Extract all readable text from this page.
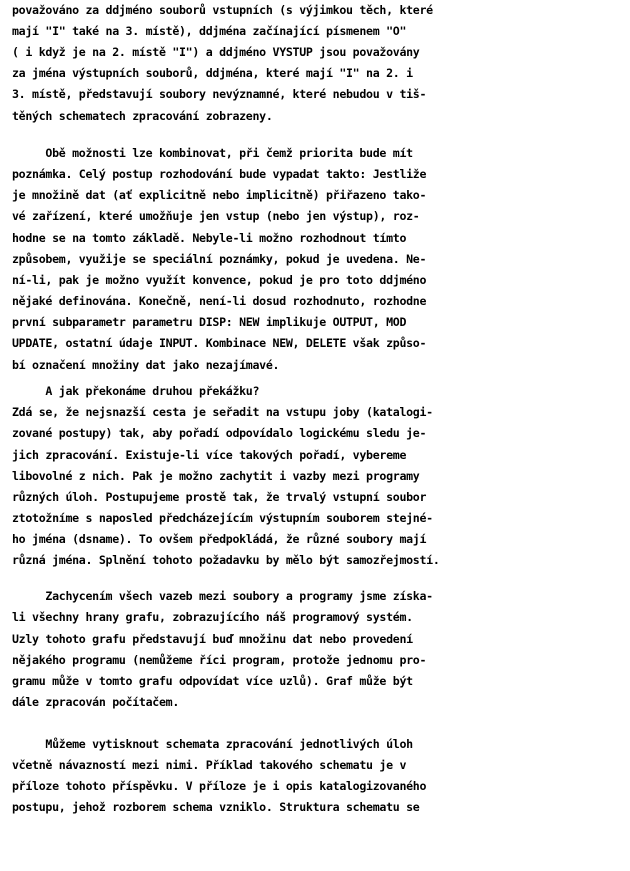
považováno za ddjméno souborů vstupních (s výjimkou těch, které
mají "I" také na 3. místě), ddjména začínající písmenem "O"
( i když je na 2. místě "I") a ddjméno VYSTUP jsou považovány
za jména výstupních souborů, ddjména, které mají "I" na 2. i
3. místě, představují soubory nevýznamné, které nebudou v tiš-
těných schematech zpracování zobrazeny.
Obě možnosti lze kombinovat, při čemž priorita bude mít
poznámka. Celý postup rozhodování bude vypadat takto: Jestliže
je množině dat (ať explicitně nebo implicitně) přiřazeno tako-
vé zařízení, které umožňuje jen vstup (nebo jen výstup), roz-
hodne se na tomto základě. Nebyle-li možno rozhodnout tímto
způsobem, využije se speciální poznámky, pokud je uvedena. Ne-
ní-li, pak je možno využít konvence, pokud je pro toto ddjméno
nějaké definována. Konečně, není-li dosud rozhodnuto, rozhodne
první subparametr parametru DISP: NEW implikuje OUTPUT, MOD
UPDATE, ostatní údaje INPUT. Kombinace NEW, DELETE však způso-
bí označení množiny dat jako nezajímavé.
A jak překonáme druhou překážku?
Zdá se, že nejsnazší cesta je seřadit na vstupu joby (katalogi-
zované postupy) tak, aby pořadí odpovídalo logickému sledu je-
jich zpracování. Existuje-li více takových pořadí, vybereme
libovolné z nich. Pak je možno zachytit i vazby mezi programy
různých úloh. Postupujeme prostě tak, že trvalý vstupní soubor
ztotožníme s naposled předcházejícím výstupním souborem stejné-
ho jména (dsname). To ovšem předpokládá, že různé soubory mají
různá jména. Splnění tohoto požadavku by mělo být samozřejmostí.
Zachycením všech vazeb mezi soubory a programy jsme získa-
li všechny hrany grafu, zobrazujícího náš programový systém.
Uzly tohoto grafu představují buď množinu dat nebo provedení
nějakého programu (nemůžeme říci program, protože jednomu pro-
gramu může v tomto grafu odpovídat více uzlů). Graf může být
dále zpracován počítačem.
Můžeme vytisknout schemata zpracování jednotlivých úloh
včetně návazností mezi nimi. Příklad takového schematu je v
příloze tohoto příspěvku. V příloze je i opis katalogizovaného
postupu, jehož rozborem schema vzniklo. Struktura schematu se
